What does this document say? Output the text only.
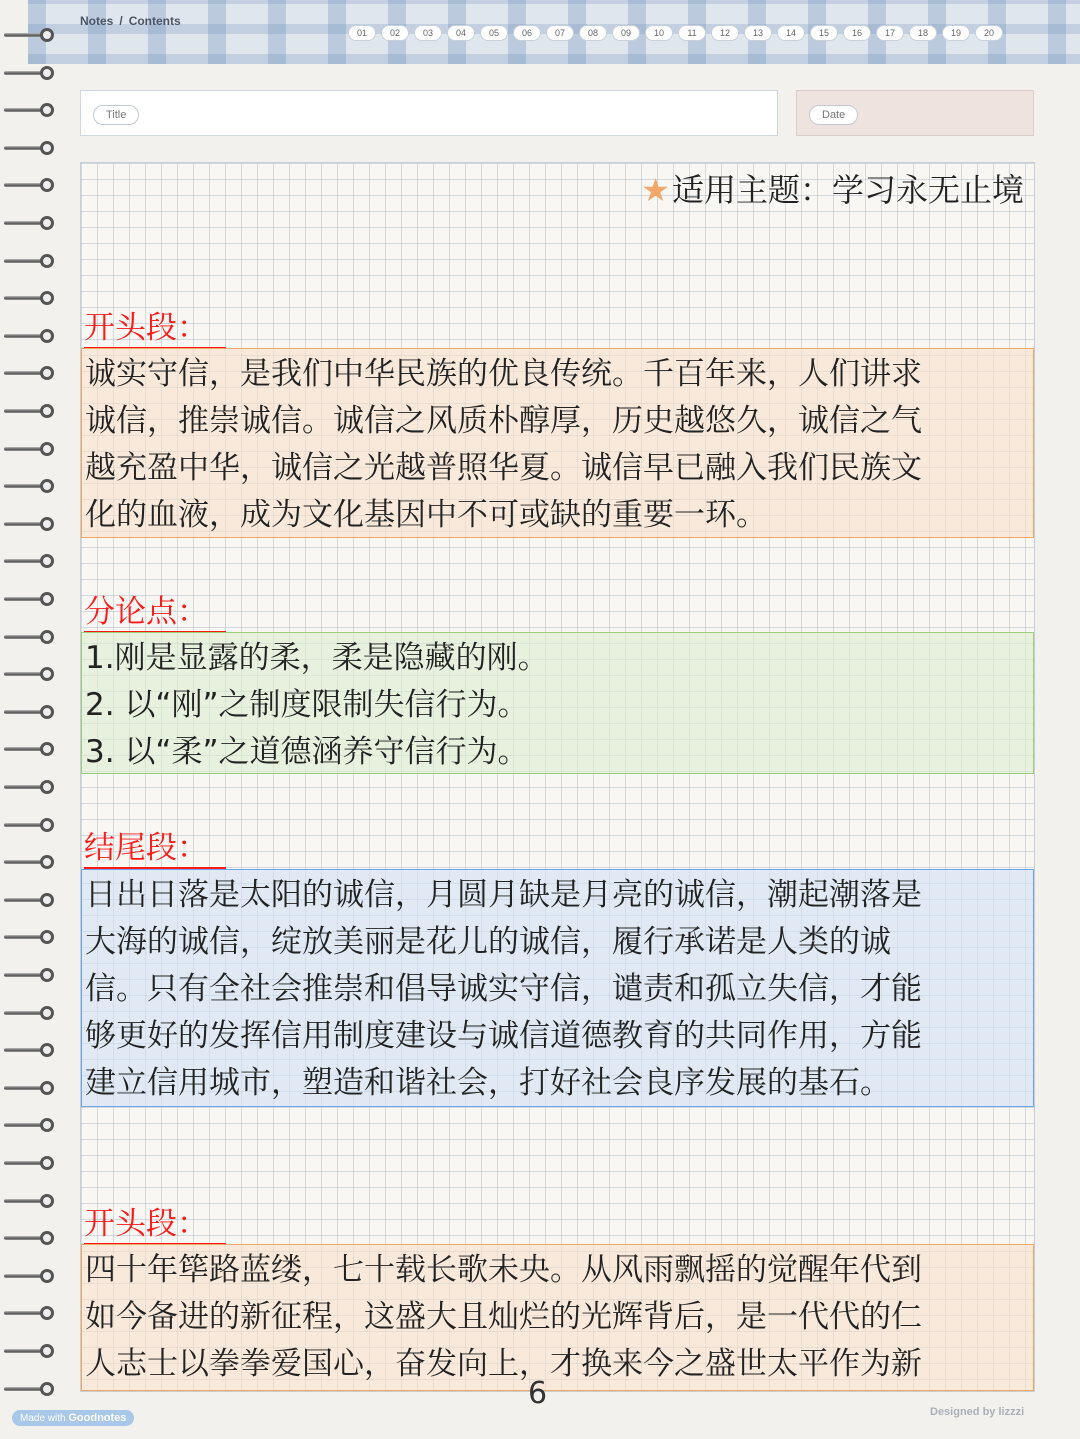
Notes / Contents
01	02	03	04	05	06	07	08	09	10	11	12	13	14	15	16	17	18	19	20
Title	Date
★适用主题：学习永无止境
开头段：
诚实守信，是我们中华民族的优良传统。千百年来，人们讲求
诚信，推崇诚信。诚信之风质朴醇厚，历史越悠久，诚信之气
越充盈中华，诚信之光越普照华夏。诚信早已融入我们民族文
化的血液，成为文化基因中不可或缺的重要一环。
分论点：
1.刚是显露的柔，柔是隐藏的刚。
2. 以“刚”之制度限制失信行为。
3. 以“柔”之道德涵养守信行为。
结尾段：
日出日落是太阳的诚信，月圆月缺是月亮的诚信，潮起潮落是
大海的诚信，绽放美丽是花儿的诚信，履行承诺是人类的诚
信。只有全社会推崇和倡导诚实守信，谴责和孤立失信，才能
够更好的发挥信用制度建设与诚信道德教育的共同作用，方能
建立信用城市，塑造和谐社会，打好社会良序发展的基石。
开头段：
四十年筚路蓝缕，七十载长歌未央。从风雨飘摇的觉醒年代到
如今备进的新征程，这盛大且灿烂的光辉背后，是一代代的仁
人志士以拳拳爱国心，奋发向上，才换来今之盛世太平作为新
6
Made with Goodnotes	Designed by lizzzi
